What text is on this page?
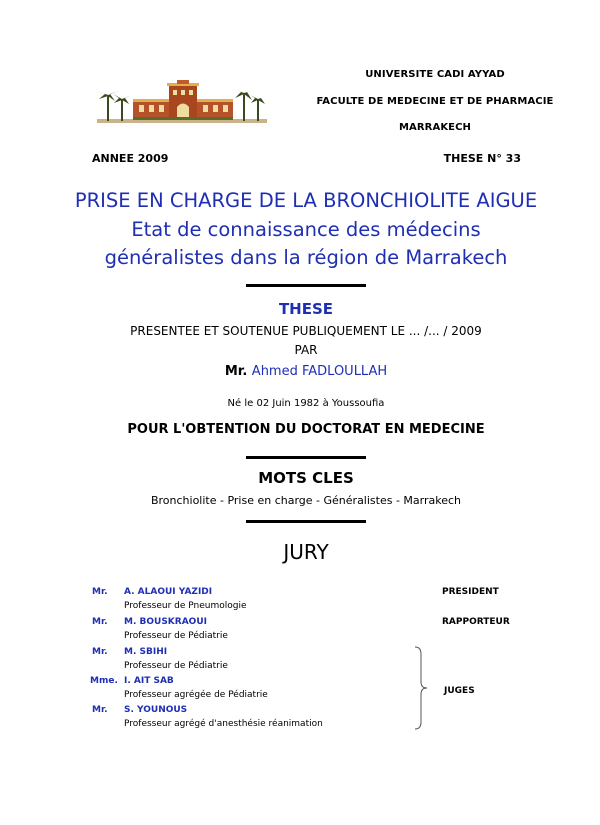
UNIVERSITE CADI AYYAD
FACULTE DE MEDECINE ET DE PHARMACIE
MARRAKECH
ANNEE 2009	THESE N° 33
PRISE EN CHARGE DE LA BRONCHIOLITE AIGUE
Etat de connaissance des médecins
généralistes dans la région de Marrakech
THESE
PRESENTEE ET SOUTENUE PUBLIQUEMENT LE ... /... / 2009
PAR
Mr. Ahmed FADLOULLAH
Né le 02 Juin 1982 à Youssoufia
POUR L'OBTENTION DU DOCTORAT EN MEDECINE
MOTS CLES
Bronchiolite - Prise en charge - Généralistes - Marrakech
JURY
Mr. A. ALAOUI YAZIDI
Professeur de Pneumologie
Mr. M. BOUSKRAOUI
Professeur de Pédiatrie
Mr. M. SBIHI
Professeur de Pédiatrie
Mme. I. AIT SAB
Professeur agrégée de Pédiatrie
Mr. S. YOUNOUS
Professeur agrégé d'anesthésie réanimation
PRESIDENT
RAPPORTEUR
JUGES
